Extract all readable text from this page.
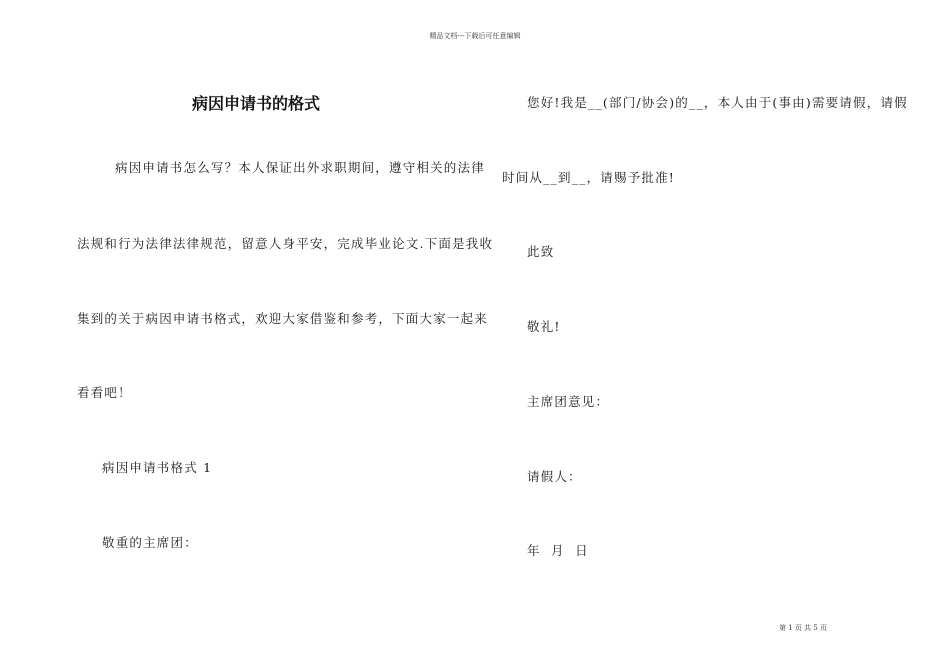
精品文档---下载后可任意编辑
病因申请书的格式
病因申请书怎么写？本人保证出外求职期间，遵守相关的法律
法规和行为法律法律规范，留意人身平安，完成毕业论文.下面是我收
集到的关于病因申请书格式，欢迎大家借鉴和参考，下面大家一起来
看看吧！
病因申请书格式 1
敬重的主席团：
您好!我是__(部门/协会)的__，本人由于(事由)需要请假，请假
时间从__到__，请赐予批准!
此致
敬礼!
主席团意见：
请假人：
年  月  日
第 1 页 共 5 页
